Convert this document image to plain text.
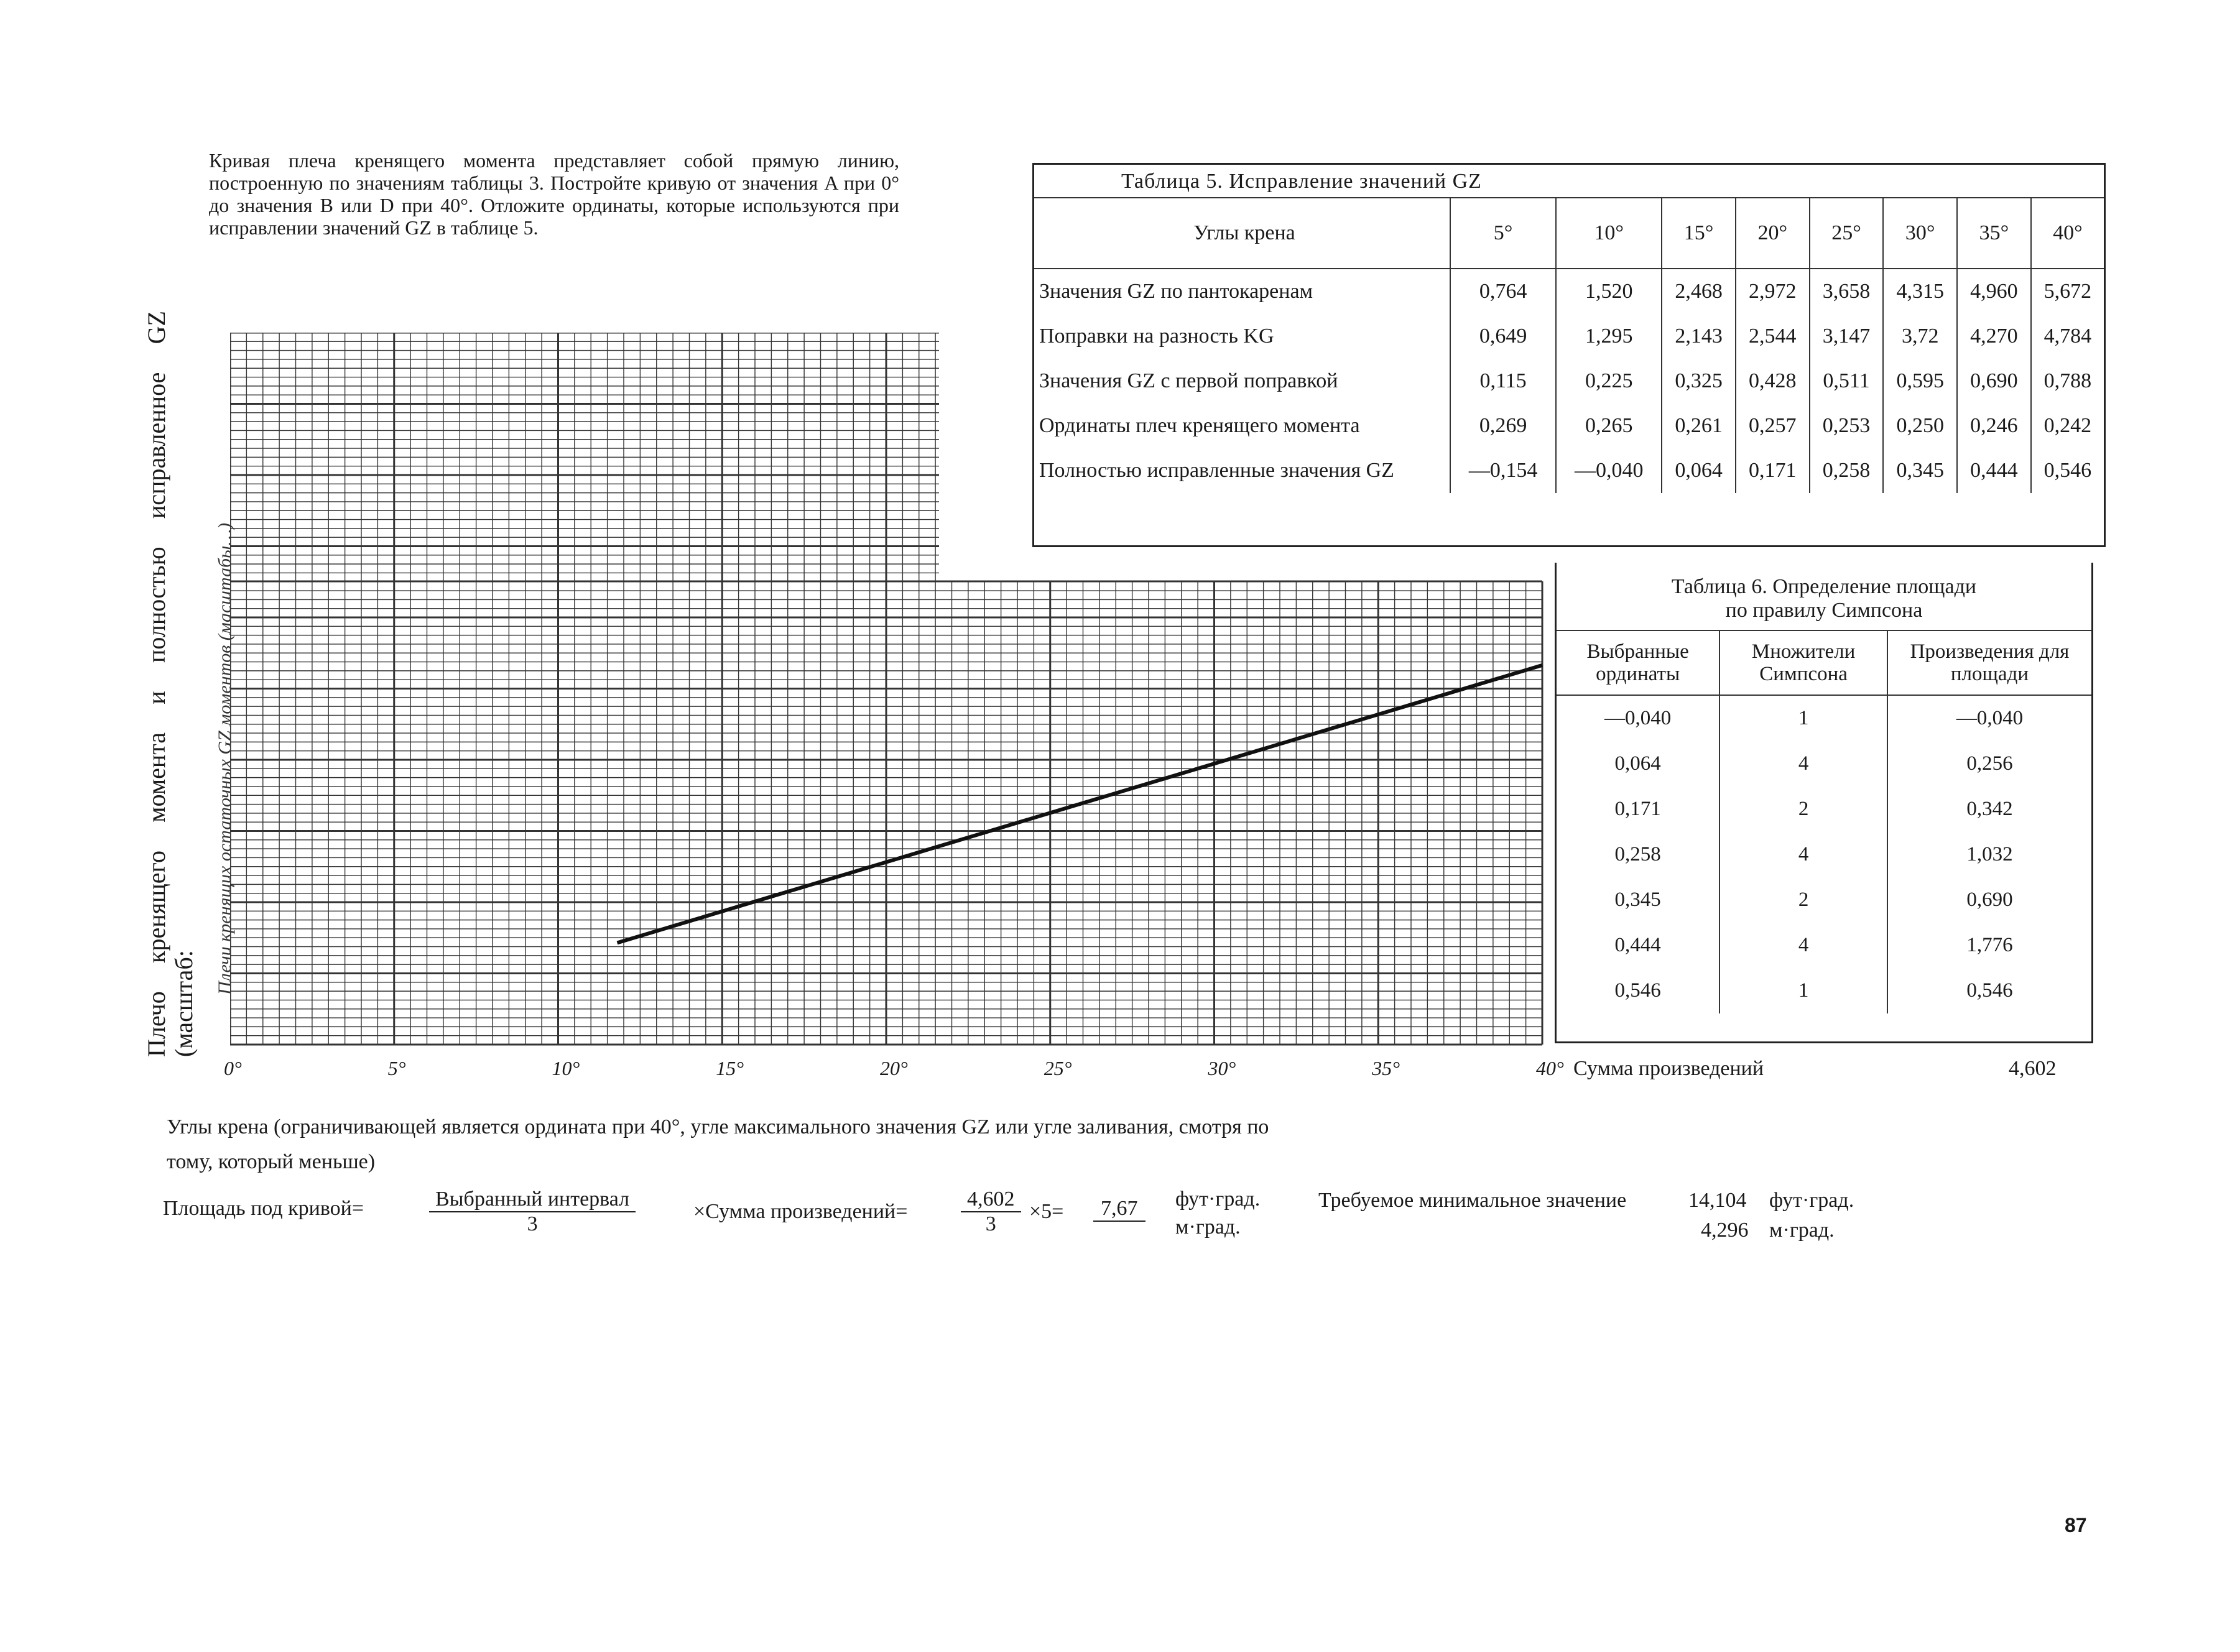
Кривая плеча кренящего момента представляет собой прямую линию, построенную по значениям таблицы 3. Постройте кривую от значения A при 0° до значения B или D при 40°. Отложите ординаты, которые используются при исправлении значений GZ в таблице 5.
Плечо
кренящего
момента
и
полностью
исправленное
GZ
(масштаб:
Плечи кренящих остаточных GZ моментов (масштабы…)
0°	5°	10°	15°	20°	25°	30°	35°	40°
Углы крена (ограничивающей является ордината при 40°, угле максимального значения GZ или угле заливания, смотря по
тому, который меньше)
Таблица 5. Исправление значений GZ
Углы крена	5°	10°	15°	20°	25°	30°	35°	40°
Значения GZ по пантокаренам	0,764	1,520	2,468	2,972	3,658	4,315	4,960	5,672
Поправки на разность KG	0,649	1,295	2,143	2,544	3,147	3,72	4,270	4,784
Значения GZ с первой поправкой	0,115	0,225	0,325	0,428	0,511	0,595	0,690	0,788
Ординаты плеч кренящего момента	0,269	0,265	0,261	0,257	0,253	0,250	0,246	0,242
Полностью исправленные значения GZ	—0,154	—0,040	0,064	0,171	0,258	0,345	0,444	0,546
Таблица 6. Определение площади
по правилу Симпсона
Выбранные ординаты	Множители Симпсона	Произведения для площади
—0,040	1	—0,040
0,064	4	0,256
0,171	2	0,342
0,258	4	1,032
0,345	2	0,690
0,444	4	1,776
0,546	1	0,546
Сумма произведений	4,602
Площадь под кривой=	Выбранный интервал
3
×Сумма произведений=	$\frac{4,602}{3} \times 5=$	7,67	фут·град.
м·град.
Требуемое минимальное значение	14,104 фут·град.
4,296 м·град.
87
